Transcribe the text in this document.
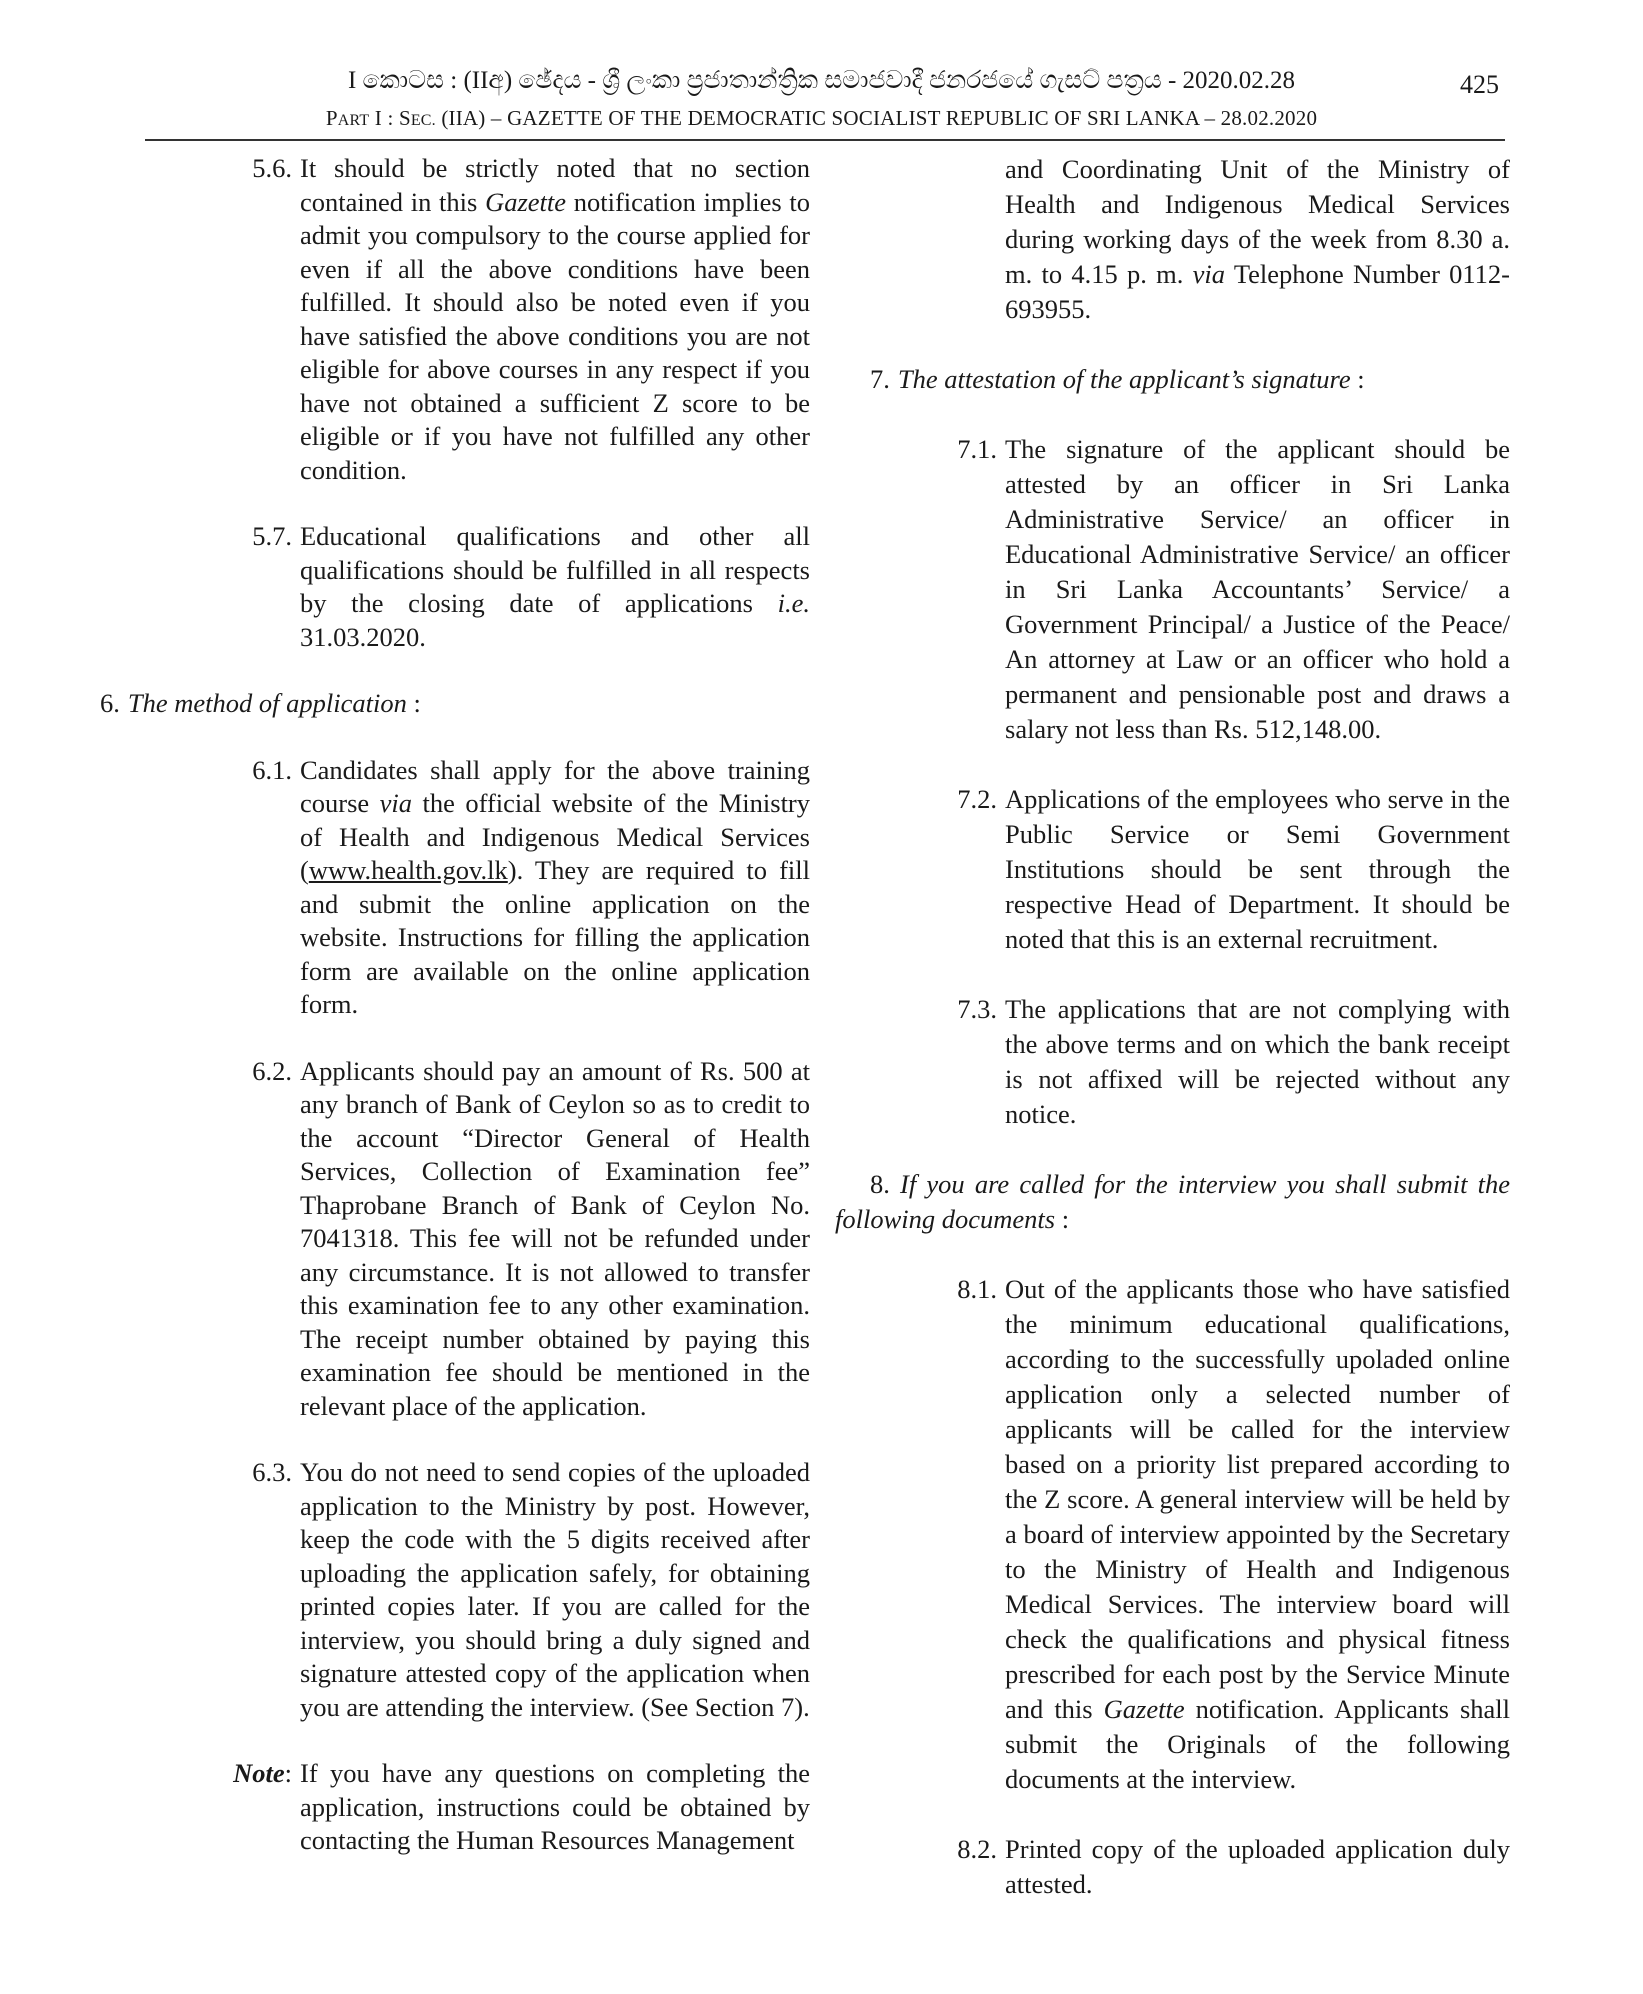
I කොටස : (IIඅ) ඡේදය - ශ්‍රී ලංකා ප්‍රජාතාන්ත්‍රික සමාජවාදී ජනරජයේ ගැසට් පත්‍රය - 2020.02.28	425
PART I : SEC. (IIA) – GAZETTE OF THE DEMOCRATIC SOCIALIST REPUBLIC OF SRI LANKA – 28.02.2020
5.6. It should be strictly noted that no section contained in this Gazette notification implies to admit you compulsory to the course applied for even if all the above conditions have been fulfilled. It should also be noted even if you have satisfied the above conditions you are not eligible for above courses in any respect if you have not obtained a sufficient Z score to be eligible or if you have not fulfilled any other condition.

5.7. Educational qualifications and other all qualifications should be fulfilled in all respects by the closing date of applications i.e. 31.03.2020.

6. The method of application :

6.1. Candidates shall apply for the above training course via the official website of the Ministry of Health and Indigenous Medical Services (www.health.gov.lk). They are required to fill and submit the online application on the website. Instructions for filling the application form are available on the online application form.

6.2. Applicants should pay an amount of Rs. 500 at any branch of Bank of Ceylon so as to credit to the account “Director General of Health Services, Collection of Examination fee” Thaprobane Branch of Bank of Ceylon No. 7041318. This fee will not be refunded under any circumstance. It is not allowed to transfer this examination fee to any other examination. The receipt number obtained by paying this examination fee should be mentioned in the relevant place of the application.

6.3. You do not need to send copies of the uploaded application to the Ministry by post. However, keep the code with the 5 digits received after uploading the application safely, for obtaining printed copies later. If you are called for the interview, you should bring a duly signed and signature attested copy of the application when you are attending the interview. (See Section 7).

Note: If you have any questions on completing the application, instructions could be obtained by contacting the Human Resources Management

and Coordinating Unit of the Ministry of Health and Indigenous Medical Services during working days of the week from 8.30 a. m. to 4.15 p. m. via Telephone Number 0112-693955.

7. The attestation of the applicant’s signature :

7.1. The signature of the applicant should be attested by an officer in Sri Lanka Administrative Service/ an officer in Educational Administrative Service/ an officer in Sri Lanka Accountants’ Service/ a Government Principal/ a Justice of the Peace/ An attorney at Law or an officer who hold a permanent and pensionable post and draws a salary not less than Rs. 512,148.00.

7.2. Applications of the employees who serve in the Public Service or Semi Government Institutions should be sent through the respective Head of Department. It should be noted that this is an external recruitment.

7.3. The applications that are not complying with the above terms and on which the bank receipt is not affixed will be rejected without any notice.

8. If you are called for the interview you shall submit the following documents :

8.1. Out of the applicants those who have satisfied the minimum educational qualifications, according to the successfully upoladed online application only a selected number of applicants will be called for the interview based on a priority list prepared according to the Z score. A general interview will be held by a board of interview appointed by the Secretary to the Ministry of Health and Indigenous Medical Services. The interview board will check the qualifications and physical fitness prescribed for each post by the Service Minute and this Gazette notification. Applicants shall submit the Originals of the following documents at the interview.

8.2. Printed copy of the uploaded application duly attested.
